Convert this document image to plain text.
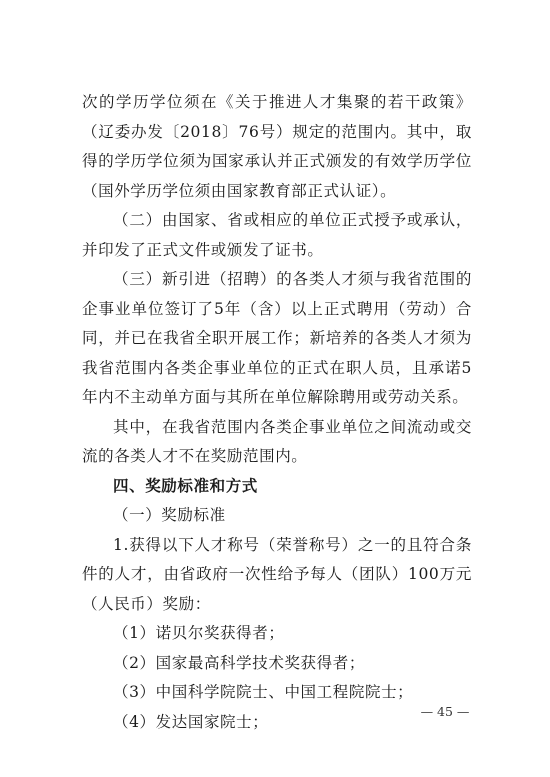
次的学历学位须在《关于推进人才集聚的若干政策》（辽委办发〔2018〕76号）规定的范围内。其中，取得的学历学位须为国家承认并正式颁发的有效学历学位（国外学历学位须由国家教育部正式认证）。

（二）由国家、省或相应的单位正式授予或承认，并印发了正式文件或颁发了证书。

（三）新引进（招聘）的各类人才须与我省范围的企事业单位签订了5年（含）以上正式聘用（劳动）合同，并已在我省全职开展工作；新培养的各类人才须为我省范围内各类企事业单位的正式在职人员，且承诺5年内不主动单方面与其所在单位解除聘用或劳动关系。

其中，在我省范围内各类企事业单位之间流动或交流的各类人才不在奖励范围内。

四、奖励标准和方式

（一）奖励标准

1.获得以下人才称号（荣誉称号）之一的且符合条件的人才，由省政府一次性给予每人（团队）100万元（人民币）奖励：

（1）诺贝尔奖获得者；

（2）国家最高科学技术奖获得者；

（3）中国科学院院士、中国工程院院士；

（4）发达国家院士；

— 45 —
